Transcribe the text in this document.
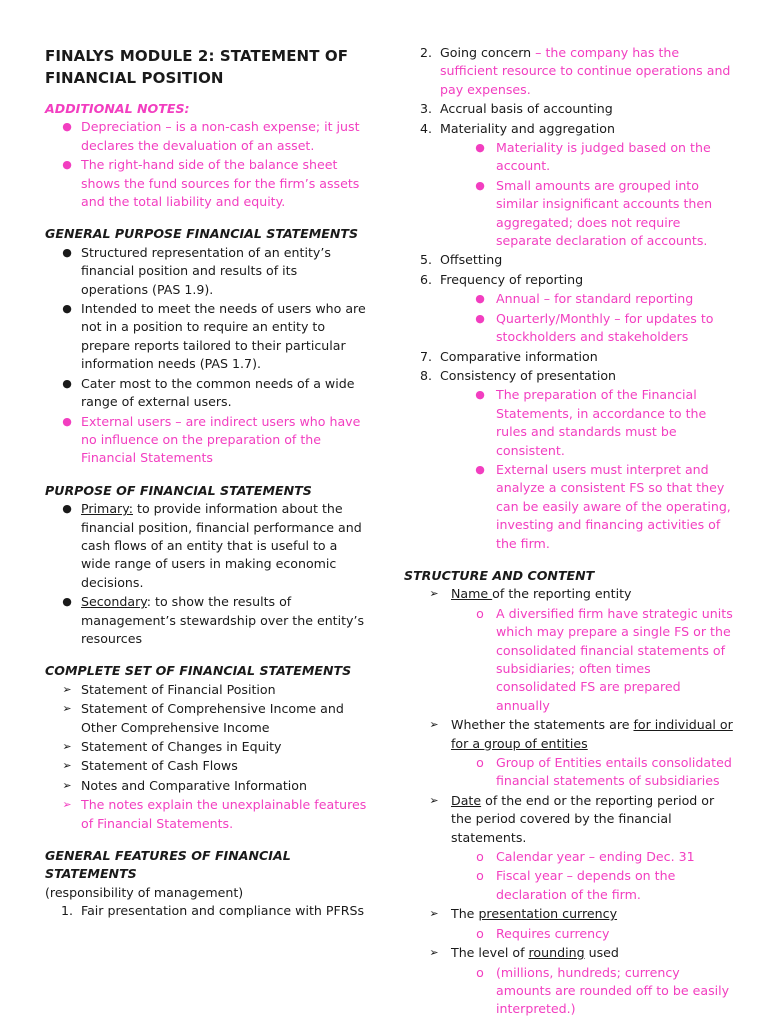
FINALYS MODULE 2: STATEMENT OF FINANCIAL POSITION
ADDITIONAL NOTES:
● Depreciation – is a non-cash expense; it just declares the devaluation of an asset.
● The right-hand side of the balance sheet shows the fund sources for the firm’s assets and the total liability and equity.
GENERAL PURPOSE FINANCIAL STATEMENTS
● Structured representation of an entity’s financial position and results of its operations (PAS 1.9).
● Intended to meet the needs of users who are not in a position to require an entity to prepare reports tailored to their particular information needs (PAS 1.7).
● Cater most to the common needs of a wide range of external users.
● External users – are indirect users who have no influence on the preparation of the Financial Statements
PURPOSE OF FINANCIAL STATEMENTS
● Primary: to provide information about the financial position, financial performance and cash flows of an entity that is useful to a wide range of users in making economic decisions.
● Secondary: to show the results of management’s stewardship over the entity’s resources
COMPLETE SET OF FINANCIAL STATEMENTS
➢ Statement of Financial Position
➢ Statement of Comprehensive Income and Other Comprehensive Income
➢ Statement of Changes in Equity
➢ Statement of Cash Flows
➢ Notes and Comparative Information
➢ The notes explain the unexplainable features of Financial Statements.
GENERAL FEATURES OF FINANCIAL STATEMENTS
(responsibility of management)
1. Fair presentation and compliance with PFRSs
2. Going concern – the company has the sufficient resource to continue operations and pay expenses.
3. Accrual basis of accounting
4. Materiality and aggregation
● Materiality is judged based on the account.
● Small amounts are grouped into similar insignificant accounts then aggregated; does not require separate declaration of accounts.
5. Offsetting
6. Frequency of reporting
● Annual – for standard reporting
● Quarterly/Monthly – for updates to stockholders and stakeholders
7. Comparative information
8. Consistency of presentation
● The preparation of the Financial Statements, in accordance to the rules and standards must be consistent.
● External users must interpret and analyze a consistent FS so that they can be easily aware of the operating, investing and financing activities of the firm.
STRUCTURE AND CONTENT
➢ Name of the reporting entity
o A diversified firm have strategic units which may prepare a single FS or the consolidated financial statements of subsidiaries; often times consolidated FS are prepared annually
➢ Whether the statements are for individual or for a group of entities
o Group of Entities entails consolidated financial statements of subsidiaries
➢ Date of the end or the reporting period or the period covered by the financial statements.
o Calendar year – ending Dec. 31
o Fiscal year – depends on the declaration of the firm.
➢ The presentation currency
o Requires currency
➢ The level of rounding used
o (millions, hundreds; currency amounts are rounded off to be easily interpreted.)
